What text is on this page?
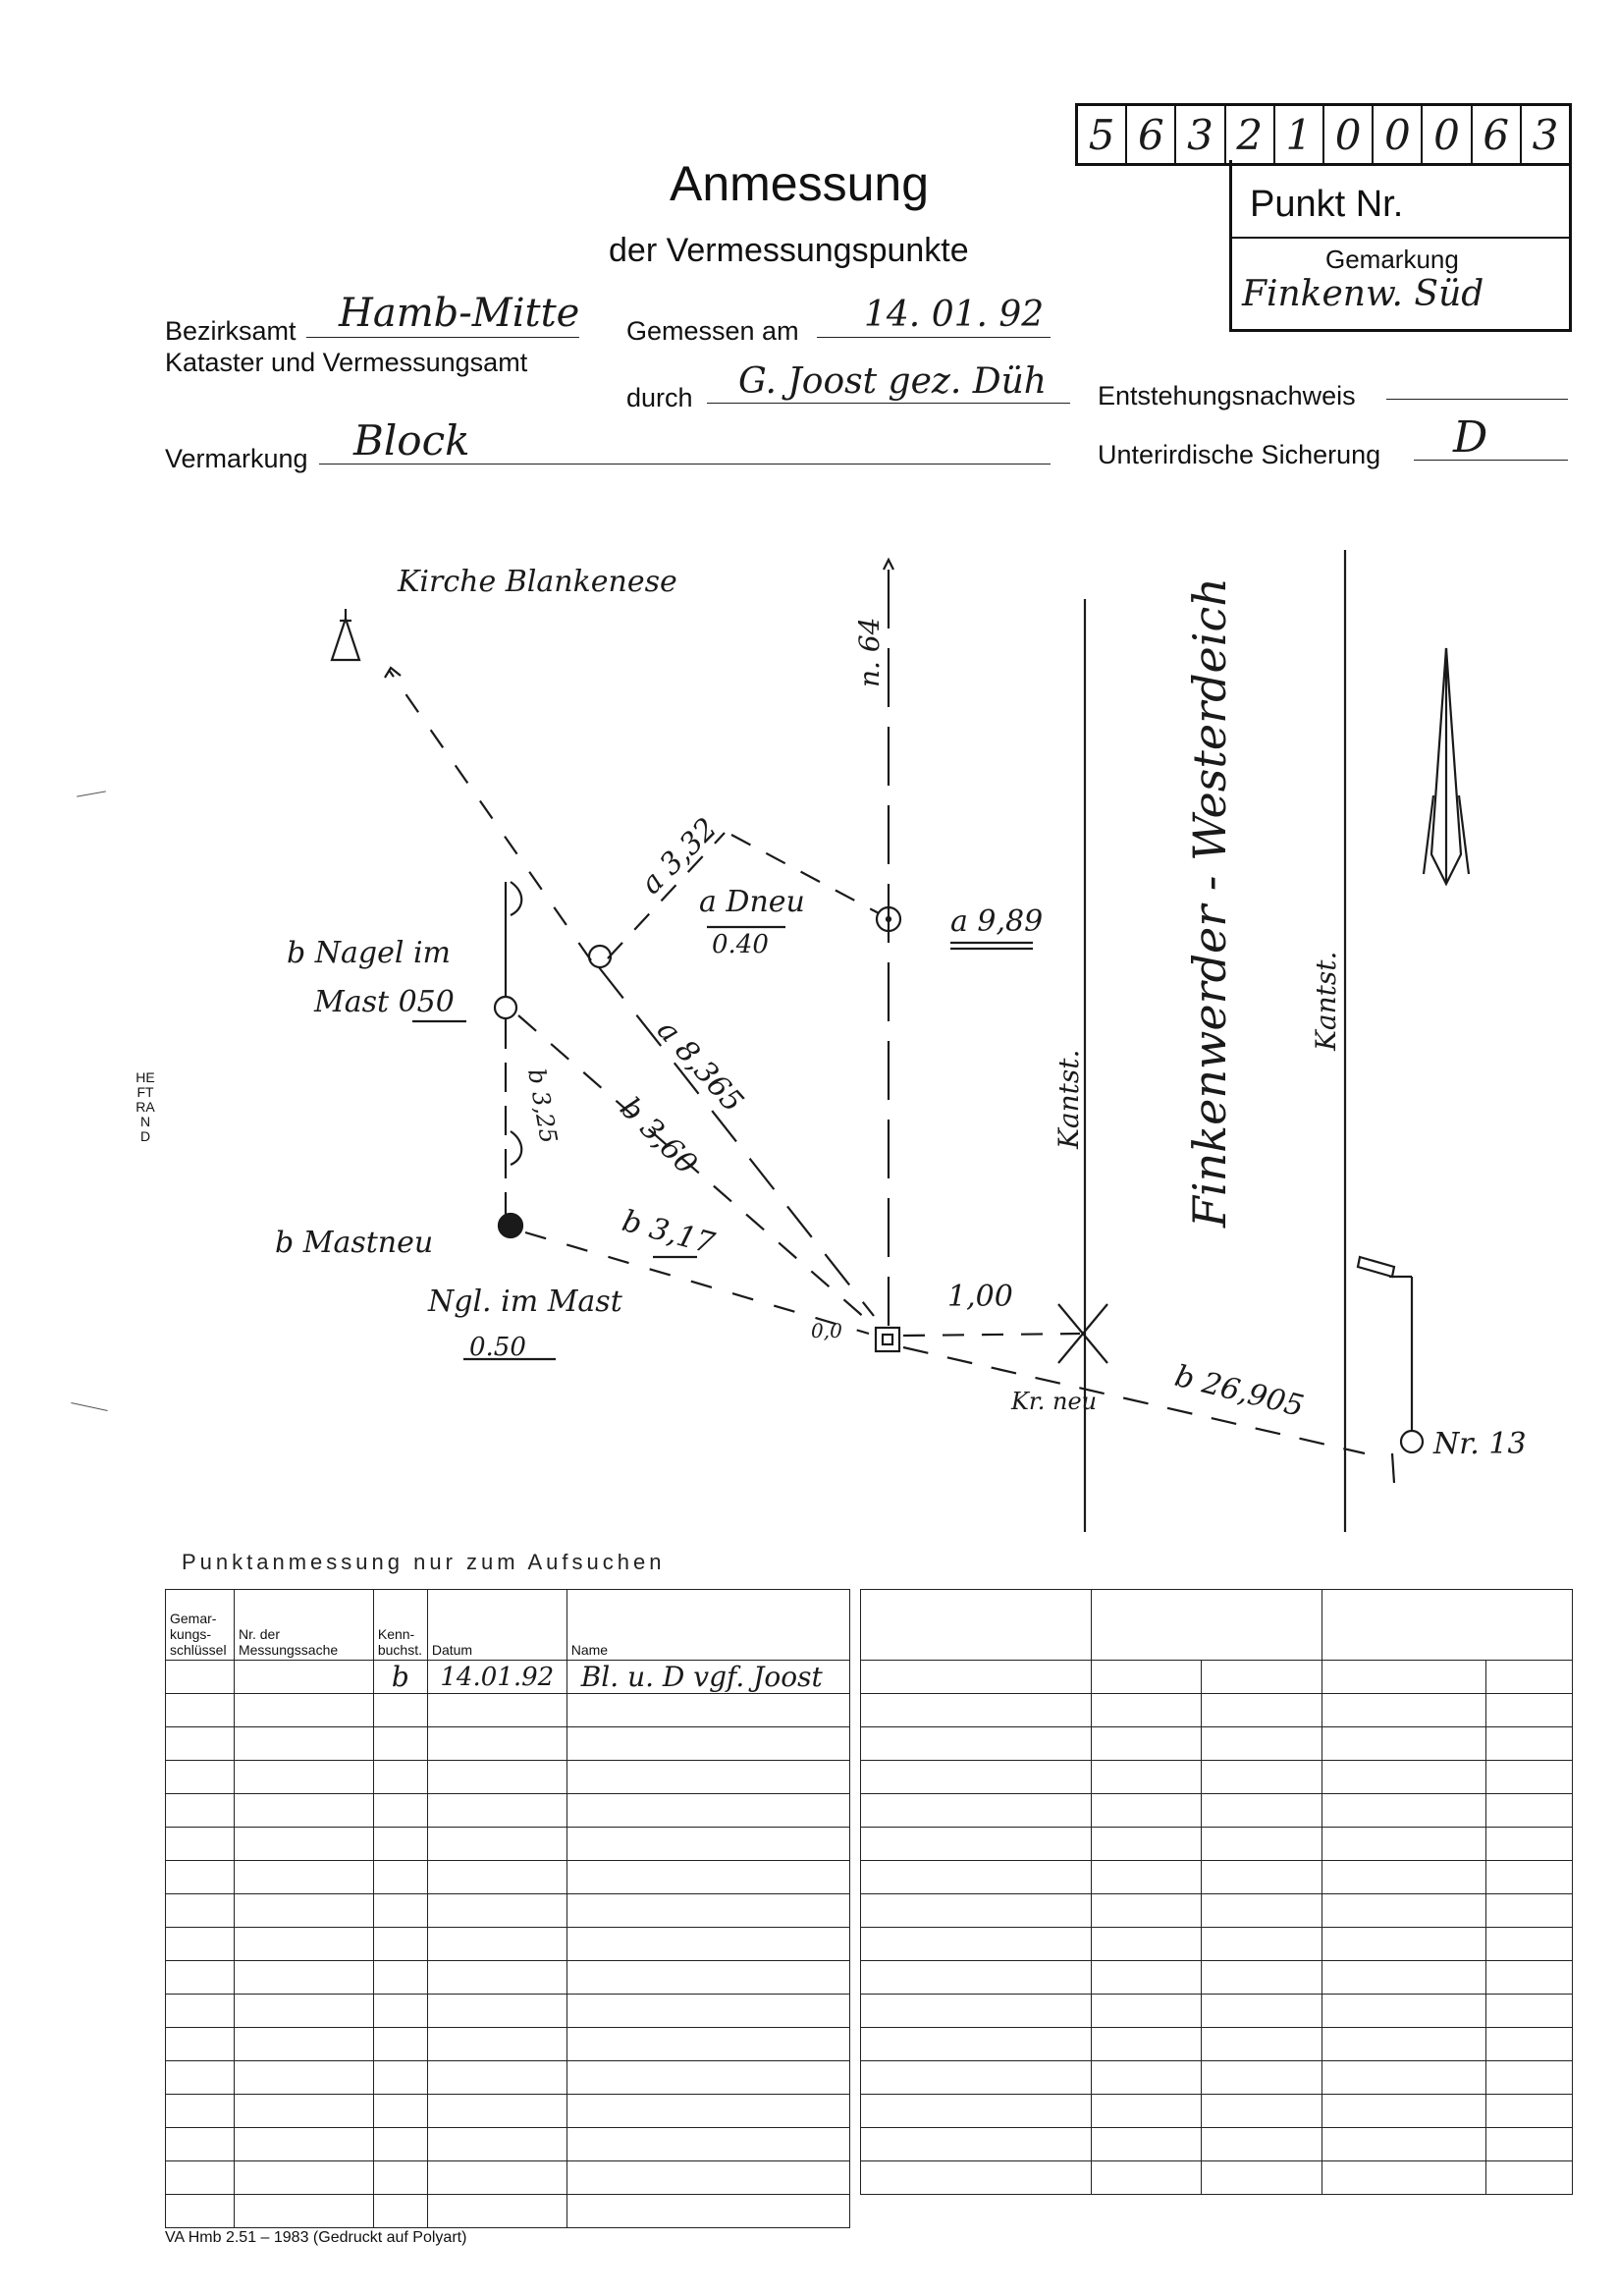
5 6 3 2 1 0 0 0 6 3
Punkt Nr.
Gemarkung
Finkenw. Süd
Anmessung
der Vermessungspunkte
Bezirksamt Hamb-Mitte
Kataster und Vermessungsamt
Vermarkung Block
Gemessen am 14. 01. 92
durch G. Joost gez. Düh Entstehungsnachweis
Unterirdische Sicherung D
HEFTRAND
Kirche Blankenese
n. 64
a 3,32
a Dneu
0.40
a 9,89
b Nagel im
Mast 050
b 3,25	a 8,365
b 3,60
b Mastneu	b 3,17
Ngl. im Mast
0.50
0,0
1,00
Kr. neu	b 26,905
Nr. 13
Kantst.
Kantst.
Finkenwerder - Westerdeich
Punktanmessung nur zum Aufsuchen
Gemar-kungs-schlüssel	Nr. der Messungssache	Kenn-buchst.	Datum	Name
		b	14.01.92	Bl. u. D vgf. Joost

VA Hmb 2.51 – 1983 (Gedruckt auf Polyart)
